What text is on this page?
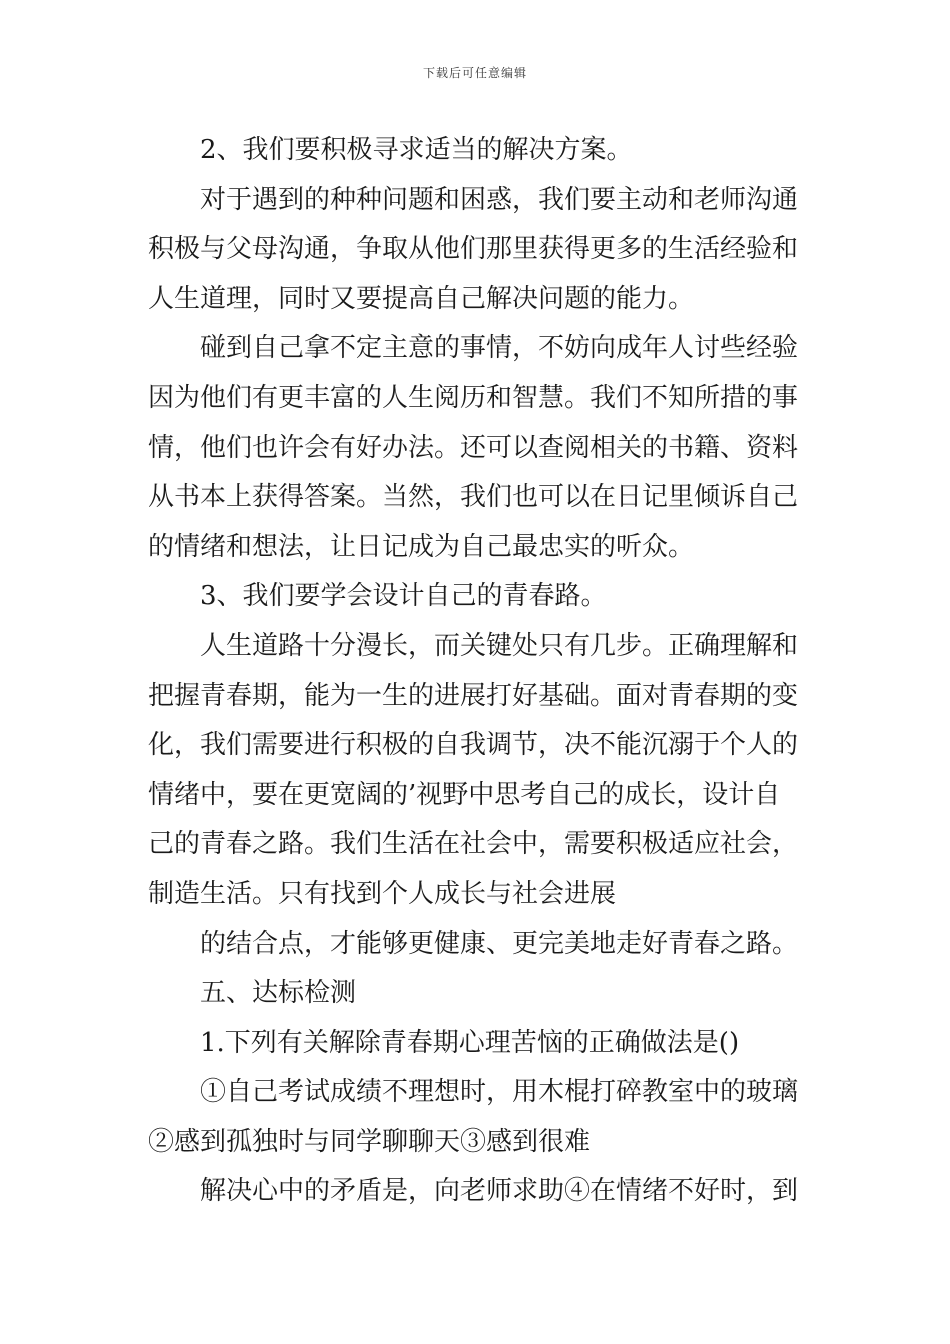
下载后可任意编辑
2、我们要积极寻求适当的解决方案。
对于遇到的种种问题和困惑，我们要主动和老师沟通
积极与父母沟通，争取从他们那里获得更多的生活经验和
人生道理，同时又要提高自己解决问题的能力。
碰到自己拿不定主意的事情，不妨向成年人讨些经验
因为他们有更丰富的人生阅历和智慧。我们不知所措的事
情，他们也许会有好办法。还可以查阅相关的书籍、资料
从书本上获得答案。当然，我们也可以在日记里倾诉自己
的情绪和想法，让日记成为自己最忠实的听众。
3、我们要学会设计自己的青春路。
人生道路十分漫长，而关键处只有几步。正确理解和
把握青春期，能为一生的进展打好基础。面对青春期的变
化，我们需要进行积极的自我调节，决不能沉溺于个人的
情绪中，要在更宽阔的’视野中思考自己的成长，设计自
己的青春之路。我们生活在社会中，需要积极适应社会，
制造生活。只有找到个人成长与社会进展
的结合点，才能够更健康、更完美地走好青春之路。
五、达标检测
1.下列有关解除青春期心理苦恼的正确做法是()
①自己考试成绩不理想时，用木棍打碎教室中的玻璃
②感到孤独时与同学聊聊天③感到很难
解决心中的矛盾是，向老师求助④在情绪不好时，到
